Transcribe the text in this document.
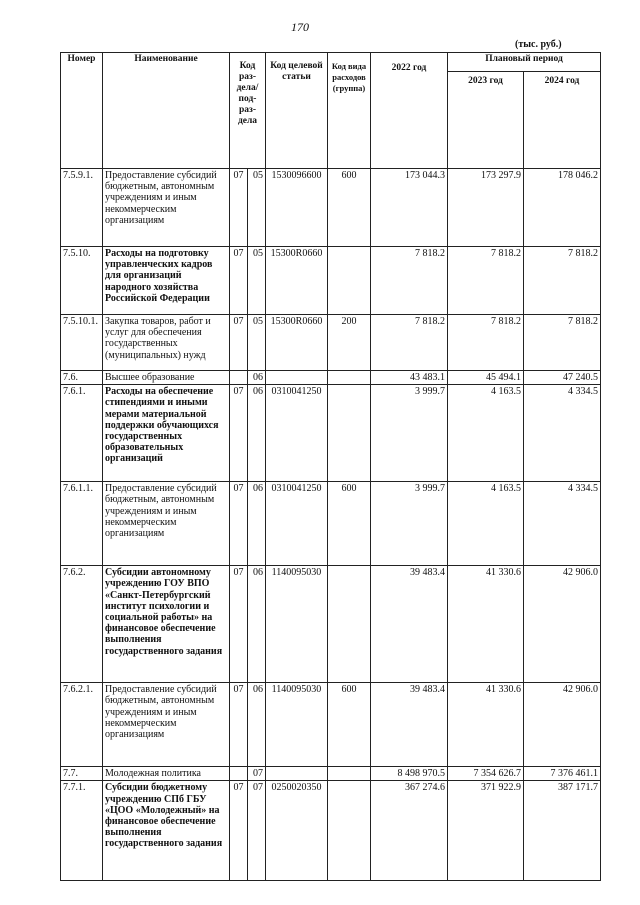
170
(тыс. руб.)
Номер	Наименование	Код раз-дела/ под-раз-дела		Код целевой статьи	Код вида расходов (группа)	2022 год	Плановый период	
							2023 год	2024 год
7.5.9.1.	Предоставление субсидий бюджетным, автономным учреждениям и иным некоммерческим организациям	07	05	1530096600	600	173 044.3	173 297.9	178 046.2
7.5.10.	Расходы на подготовку управленческих кадров для организаций народного хозяйства Российской Федерации	07	05	15300R0660		7 818.2	7 818.2	7 818.2
7.5.10.1.	Закупка товаров, работ и услуг для обеспечения государственных (муниципальных) нужд	07	05	15300R0660	200	7 818.2	7 818.2	7 818.2
7.6.	Высшее образование		06			43 483.1	45 494.1	47 240.5
7.6.1.	Расходы на обеспечение стипендиями и иными мерами материальной поддержки обучающихся государственных образовательных организаций	07	06	0310041250		3 999.7	4 163.5	4 334.5
7.6.1.1.	Предоставление субсидий бюджетным, автономным учреждениям и иным некоммерческим организациям	07	06	0310041250	600	3 999.7	4 163.5	4 334.5
7.6.2.	Субсидии автономному учреждению ГОУ ВПО «Санкт-Петербургский институт психологии и социальной работы» на финансовое обеспечение выполнения государственного задания	07	06	1140095030		39 483.4	41 330.6	42 906.0
7.6.2.1.	Предоставление субсидий бюджетным, автономным учреждениям и иным некоммерческим организациям	07	06	1140095030	600	39 483.4	41 330.6	42 906.0
7.7.	Молодежная политика		07			8 498 970.5	7 354 626.7	7 376 461.1
7.7.1.	Субсидии бюджетному учреждению СПб ГБУ «ЦОО «Молодежный» на финансовое обеспечение выполнения государственного задания	07	07	0250020350		367 274.6	371 922.9	387 171.7
